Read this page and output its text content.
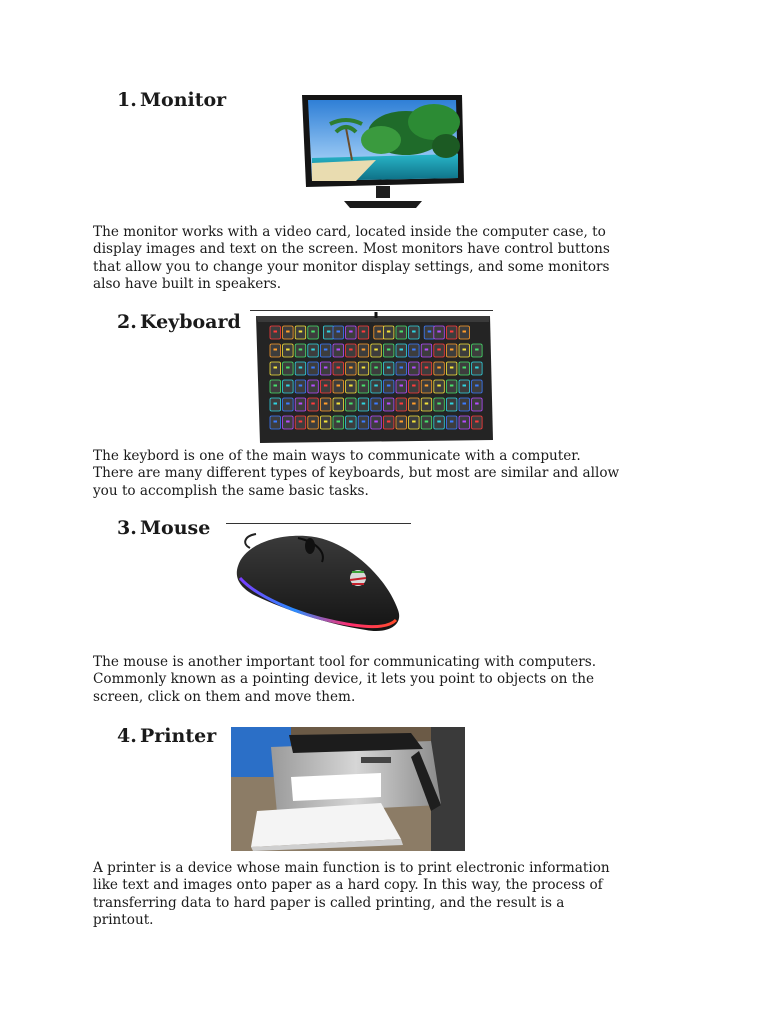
1. Monitor

The monitor works with a video card, located inside the computer case, to
display images and text on the screen. Most monitors have control buttons
that allow you to change your monitor display settings, and some monitors
also have built in speakers.

2. Keyboard

The keybord is one of the main ways to communicate with a computer.
There are many different types of keyboards, but most are similar and allow
you to accomplish the same basic tasks.

3. Mouse

The mouse is another important tool for communicating with computers.
Commonly known as a pointing device, it lets you point to objects on the
screen, click on them and move them.

4. Printer

A printer is a device whose main function is to print electronic information
like text and images onto paper as a hard copy. In this way, the process of
transferring data to hard paper is called printing, and the result is a
printout.
